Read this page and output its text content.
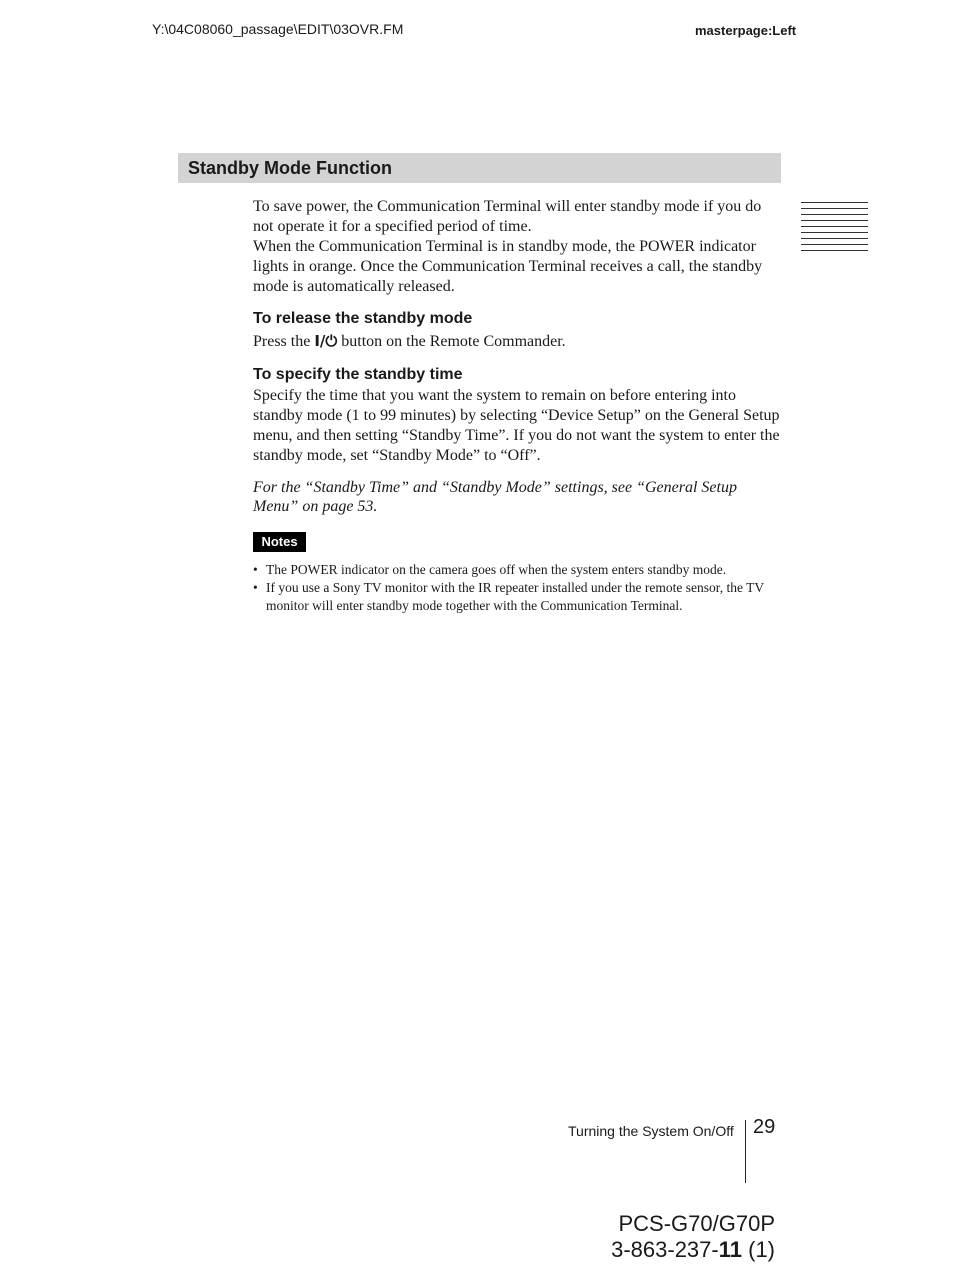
Y:\04C08060_passage\EDIT\03OVR.FM	masterpage:Left
Standby Mode Function

To save power, the Communication Terminal will enter standby mode if you do not operate it for a specified period of time.

When the Communication Terminal is in standby mode, the POWER indicator lights in orange. Once the Communication Terminal receives a call, the standby mode is automatically released.

To release the standby mode
Press the I/⏻ button on the Remote Commander.
To specify the standby time
Specify the time that you want the system to remain on before entering into standby mode (1 to 99 minutes) by selecting “Device Setup” on the General Setup menu, and then setting “Standby Time”. If you do not want the system to enter the standby mode, set “Standby Mode” to “Off”.
For the “Standby Time” and “Standby Mode” settings, see “General Setup Menu” on page 53.
Notes
• The POWER indicator on the camera goes off when the system enters standby mode.
• If you use a Sony TV monitor with the IR repeater installed under the remote sensor, the TV monitor will enter standby mode together with the Communication Terminal.
Turning the System On/Off 29
PCS-G70/G70P
3-863-237-11 (1)
